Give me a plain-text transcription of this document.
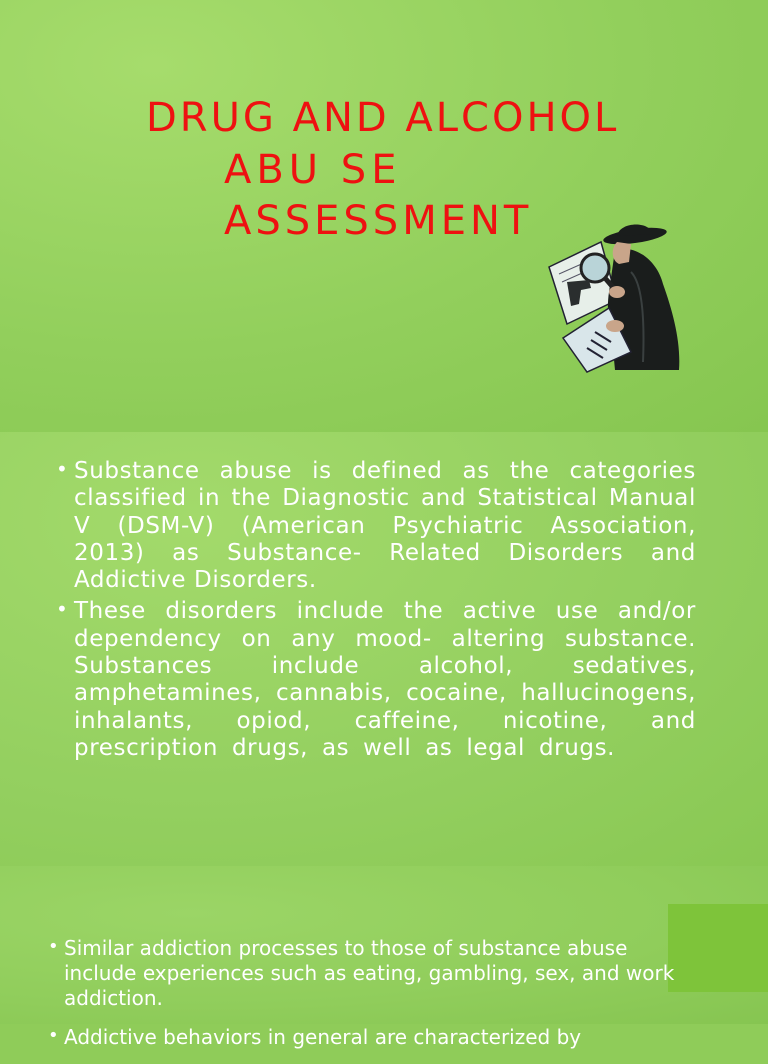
DRUG AND ALCOHOL
ABU SE
ASSESSMENT
• Substance abuse is defined as the categories classified in the Diagnostic and Statistical Manual V (DSM-V) (American Psychiatric Association, 2013) as Substance- Related Disorders and Addictive Disorders.
• These disorders include the active use and/or dependency on any mood- altering substance. Substances include alcohol, sedatives, amphetamines, cannabis, cocaine, hallucinogens, inhalants, opiod, caffeine, nicotine, and prescription drugs, as well as legal drugs.
• Similar addiction processes to those of substance abuse include experiences such as eating, gambling, sex, and work addiction.
• Addictive behaviors in general are characterized by
